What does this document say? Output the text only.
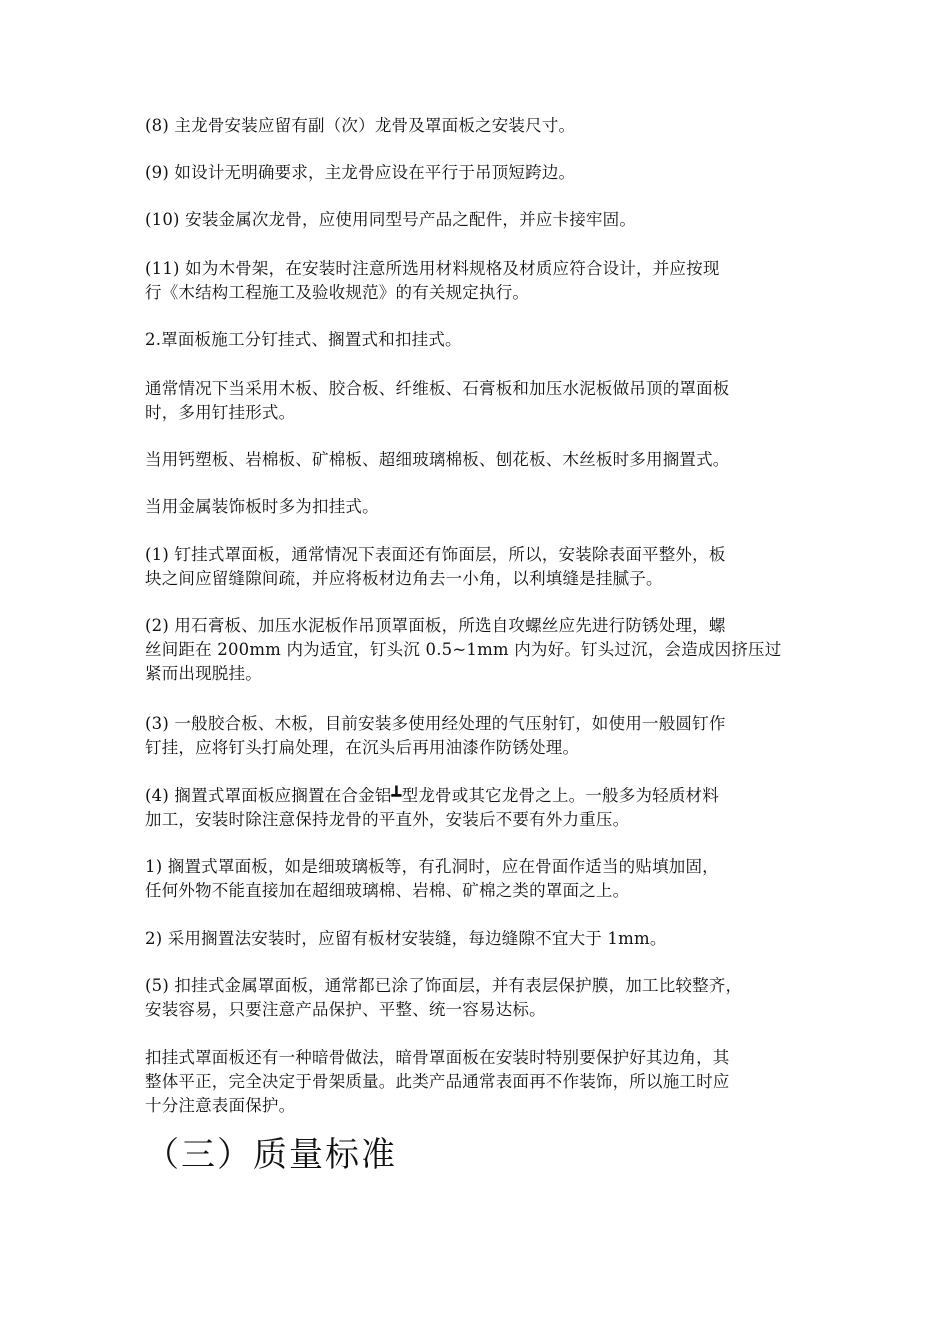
(8) 主龙骨安装应留有副（次）龙骨及罩面板之安装尺寸。

(9) 如设计无明确要求，主龙骨应设在平行于吊顶短跨边。

(10) 安装金属次龙骨，应使用同型号产品之配件，并应卡接牢固。

(11) 如为木骨架，在安装时注意所选用材料规格及材质应符合设计，并应按现
行《木结构工程施工及验收规范》的有关规定执行。

2.罩面板施工分钉挂式、搁置式和扣挂式。

通常情况下当采用木板、胶合板、纤维板、石膏板和加压水泥板做吊顶的罩面板
时，多用钉挂形式。

当用钙塑板、岩棉板、矿棉板、超细玻璃棉板、刨花板、木丝板时多用搁置式。

当用金属装饰板时多为扣挂式。

(1) 钉挂式罩面板，通常情况下表面还有饰面层，所以，安装除表面平整外，板
块之间应留缝隙间疏，并应将板材边角去一小角，以利填缝是挂腻子。

(2) 用石膏板、加压水泥板作吊顶罩面板，所选自攻螺丝应先进行防锈处理，螺
丝间距在 200mm 内为适宜，钉头沉 0.5~1mm 内为好。钉头过沉，会造成因挤压过
紧而出现脱挂。

(3) 一般胶合板、木板，目前安装多使用经处理的气压射钉，如使用一般圆钉作
钉挂，应将钉头打扁处理，在沉头后再用油漆作防锈处理。

(4) 搁置式罩面板应搁置在合金铝┻型龙骨或其它龙骨之上。一般多为轻质材料
加工，安装时除注意保持龙骨的平直外，安装后不要有外力重压。

1) 搁置式罩面板，如是细玻璃板等，有孔洞时，应在骨面作适当的贴填加固，
任何外物不能直接加在超细玻璃棉、岩棉、矿棉之类的罩面之上。

2) 采用搁置法安装时，应留有板材安装缝，每边缝隙不宜大于 1mm。

(5) 扣挂式金属罩面板，通常都已涂了饰面层，并有表层保护膜，加工比较整齐，
安装容易，只要注意产品保护、平整、统一容易达标。

扣挂式罩面板还有一种暗骨做法，暗骨罩面板在安装时特别要保护好其边角，其
整体平正，完全决定于骨架质量。此类产品通常表面再不作装饰，所以施工时应
十分注意表面保护。

（三）质量标准
